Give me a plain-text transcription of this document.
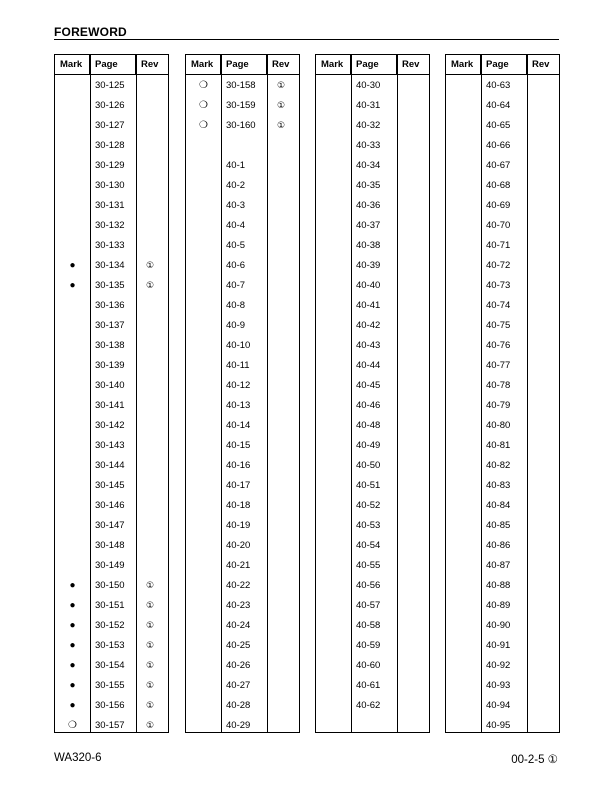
FOREWORD
Mark	Page	Rev
30-125
30-126
30-127
30-128
30-129
30-130
30-131
30-132
30-133
●	30-134	①
●	30-135	①
30-136
30-137
30-138
30-139
30-140
30-141
30-142
30-143
30-144
30-145
30-146
30-147
30-148
30-149
●	30-150	①
●	30-151	①
●	30-152	①
●	30-153	①
●	30-154	①
●	30-155	①
●	30-156	①
❍	30-157	①
Mark	Page	Rev
❍	30-158	①
❍	30-159	①
❍	30-160	①
40-1
40-2
40-3
40-4
40-5
40-6
40-7
40-8
40-9
40-10
40-11
40-12
40-13
40-14
40-15
40-16
40-17
40-18
40-19
40-20
40-21
40-22
40-23
40-24
40-25
40-26
40-27
40-28
40-29
Mark	Page	Rev
40-30
40-31
40-32
40-33
40-34
40-35
40-36
40-37
40-38
40-39
40-40
40-41
40-42
40-43
40-44
40-45
40-46
40-48
40-49
40-50
40-51
40-52
40-53
40-54
40-55
40-56
40-57
40-58
40-59
40-60
40-61
40-62
Mark	Page	Rev
40-63
40-64
40-65
40-66
40-67
40-68
40-69
40-70
40-71
40-72
40-73
40-74
40-75
40-76
40-77
40-78
40-79
40-80
40-81
40-82
40-83
40-84
40-85
40-86
40-87
40-88
40-89
40-90
40-91
40-92
40-93
40-94
40-95
WA320-6	00-2-5 ①
